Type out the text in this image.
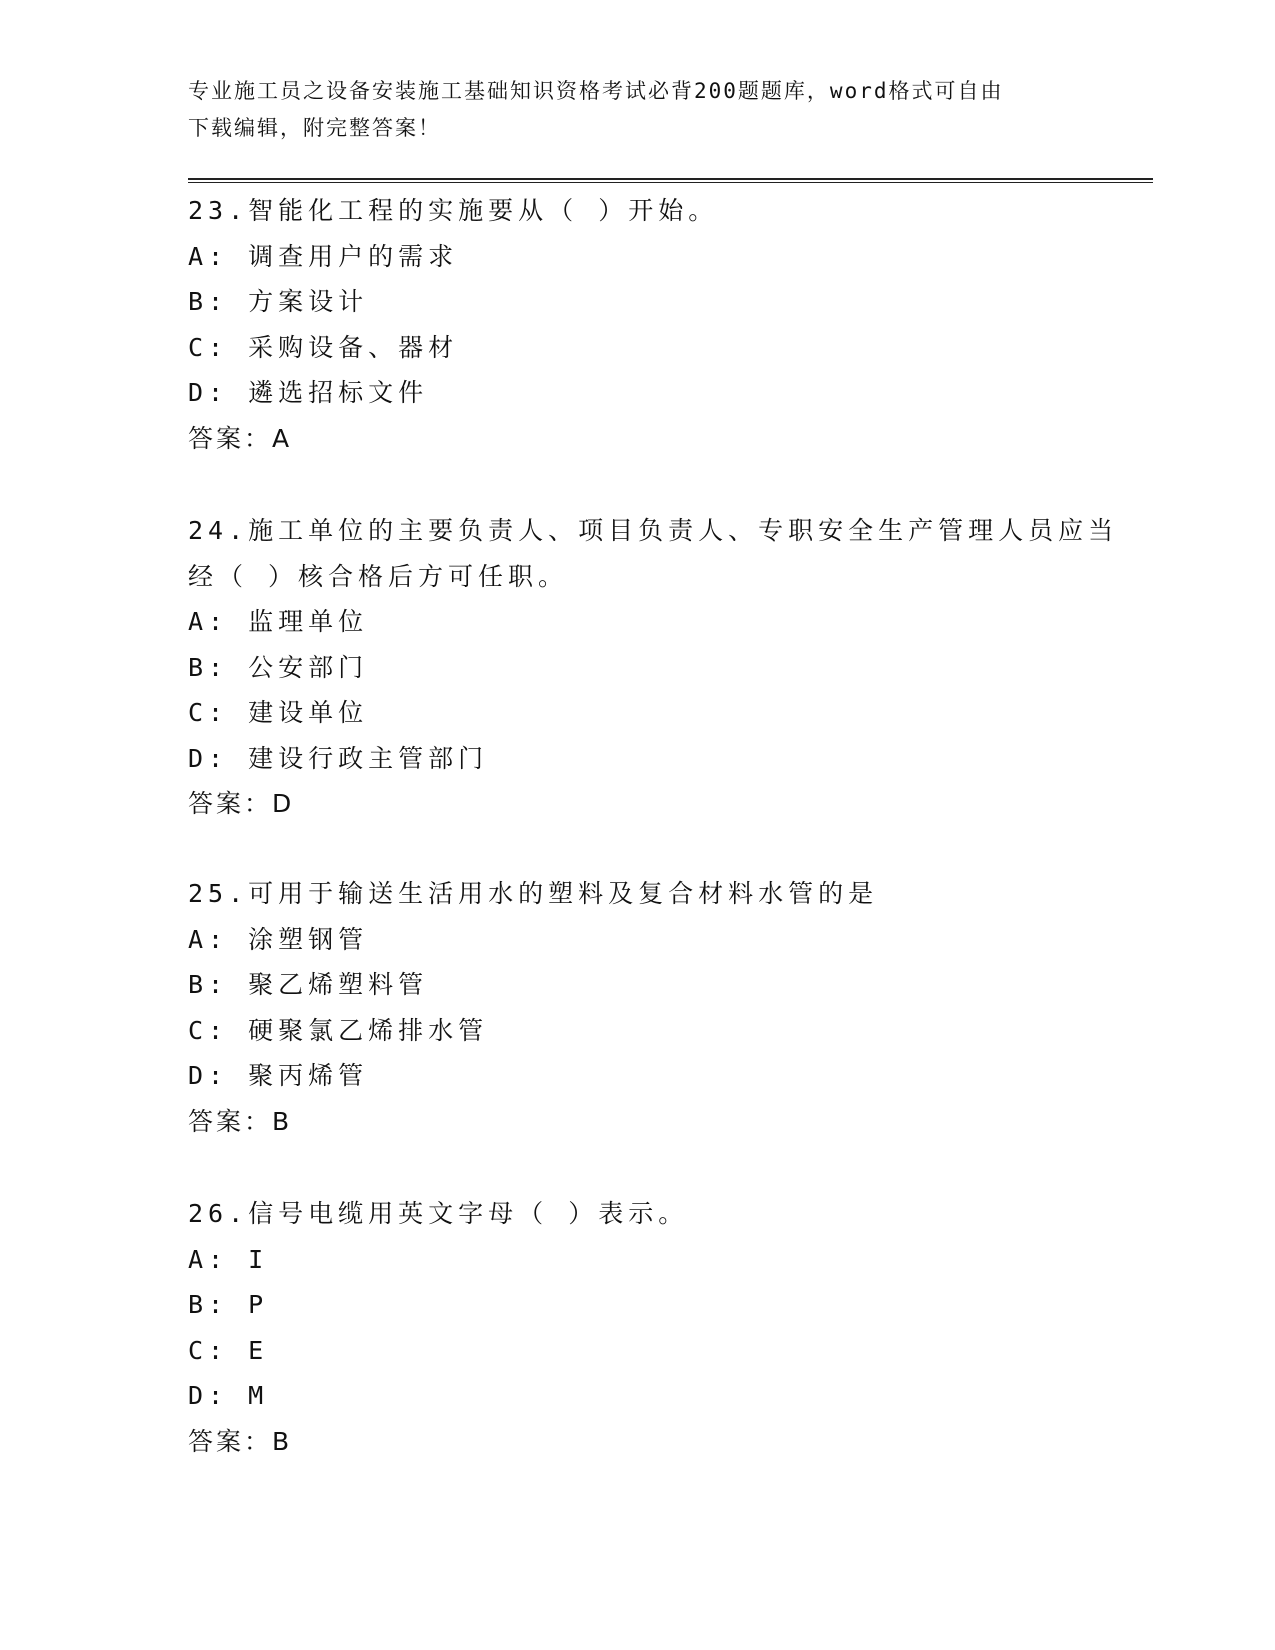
专业施工员之设备安装施工基础知识资格考试必背200题题库，word格式可自由
下载编辑，附完整答案！
23.智能化工程的实施要从（ ）开始。
A: 调查用户的需求
B: 方案设计
C: 采购设备、器材
D: 遴选招标文件
答案：A
24.施工单位的主要负责人、项目负责人、专职安全生产管理人员应当
经（ ）核合格后方可任职。
A: 监理单位
B: 公安部门
C: 建设单位
D: 建设行政主管部门
答案：D
25.可用于输送生活用水的塑料及复合材料水管的是
A: 涂塑钢管
B: 聚乙烯塑料管
C: 硬聚氯乙烯排水管
D: 聚丙烯管
答案：B
26.信号电缆用英文字母（ ）表示。
A: I
B: P
C: E
D: M
答案：B
